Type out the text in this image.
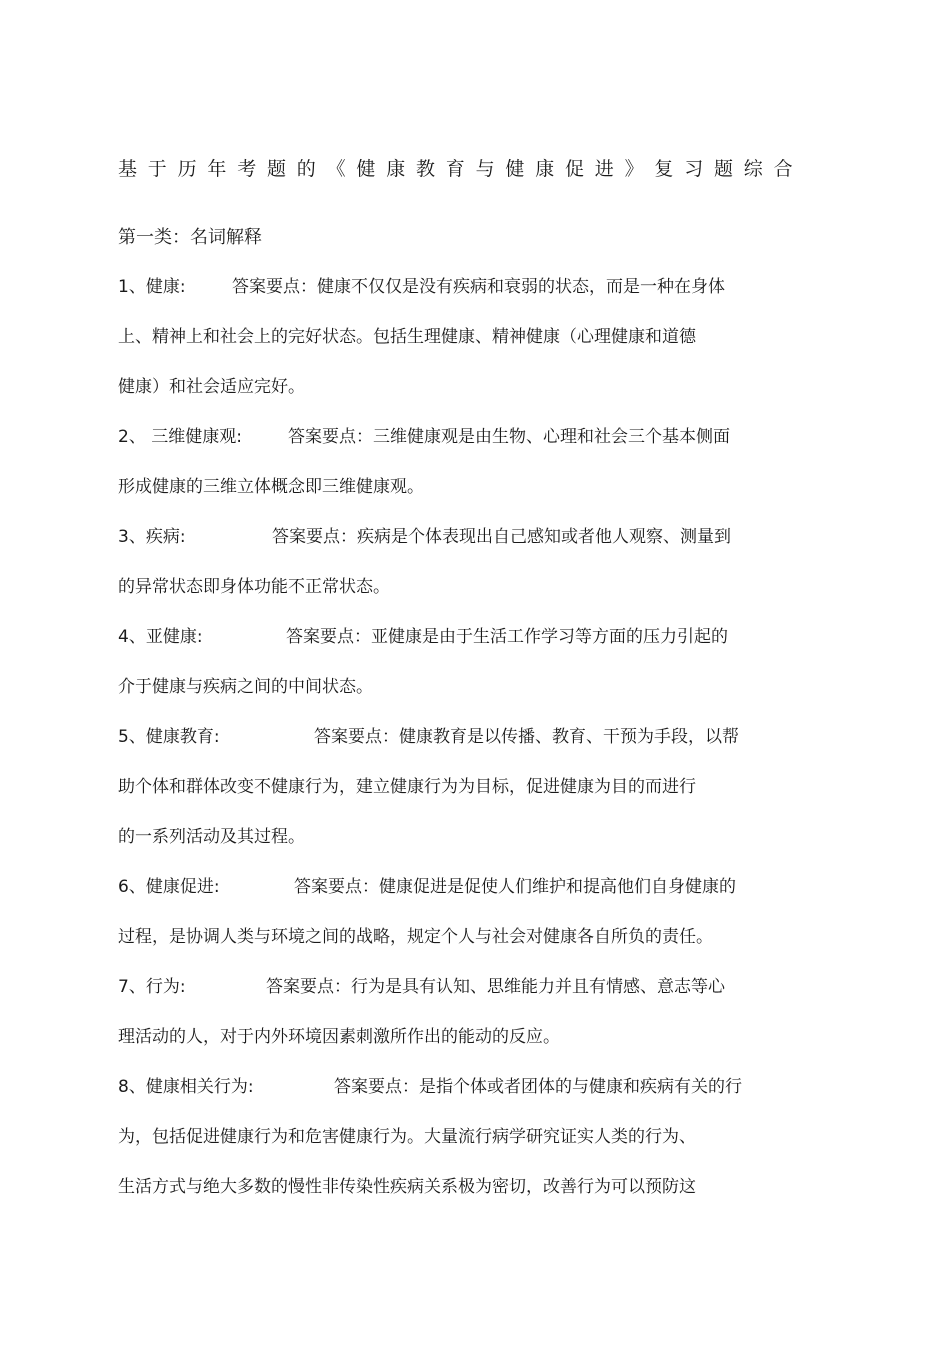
基于历年考题的《健康教育与健康促进》复习题综合
第一类：名词解释
1、健康:	答案要点：健康不仅仅是没有疾病和衰弱的状态，而是一种在身体
上、精神上和社会上的完好状态。包括生理健康、精神健康（心理健康和道德
健康）和社会适应完好。
2、 三维健康观:	答案要点：三维健康观是由生物、心理和社会三个基本侧面
形成健康的三维立体概念即三维健康观。
3、疾病:	答案要点：疾病是个体表现出自己感知或者他人观察、测量到
的异常状态即身体功能不正常状态。
4、亚健康:	答案要点：亚健康是由于生活工作学习等方面的压力引起的
介于健康与疾病之间的中间状态。
5、健康教育:	答案要点：健康教育是以传播、教育、干预为手段，以帮
助个体和群体改变不健康行为，建立健康行为为目标，促进健康为目的而进行
的一系列活动及其过程。
6、健康促进:	答案要点：健康促进是促使人们维护和提高他们自身健康的
过程，是协调人类与环境之间的战略，规定个人与社会对健康各自所负的责任。
7、行为:	答案要点：行为是具有认知、思维能力并且有情感、意志等心
理活动的人，对于内外环境因素刺激所作出的能动的反应。
8、健康相关行为:	答案要点：是指个体或者团体的与健康和疾病有关的行
为，包括促进健康行为和危害健康行为。大量流行病学研究证实人类的行为、
生活方式与绝大多数的慢性非传染性疾病关系极为密切，改善行为可以预防这
